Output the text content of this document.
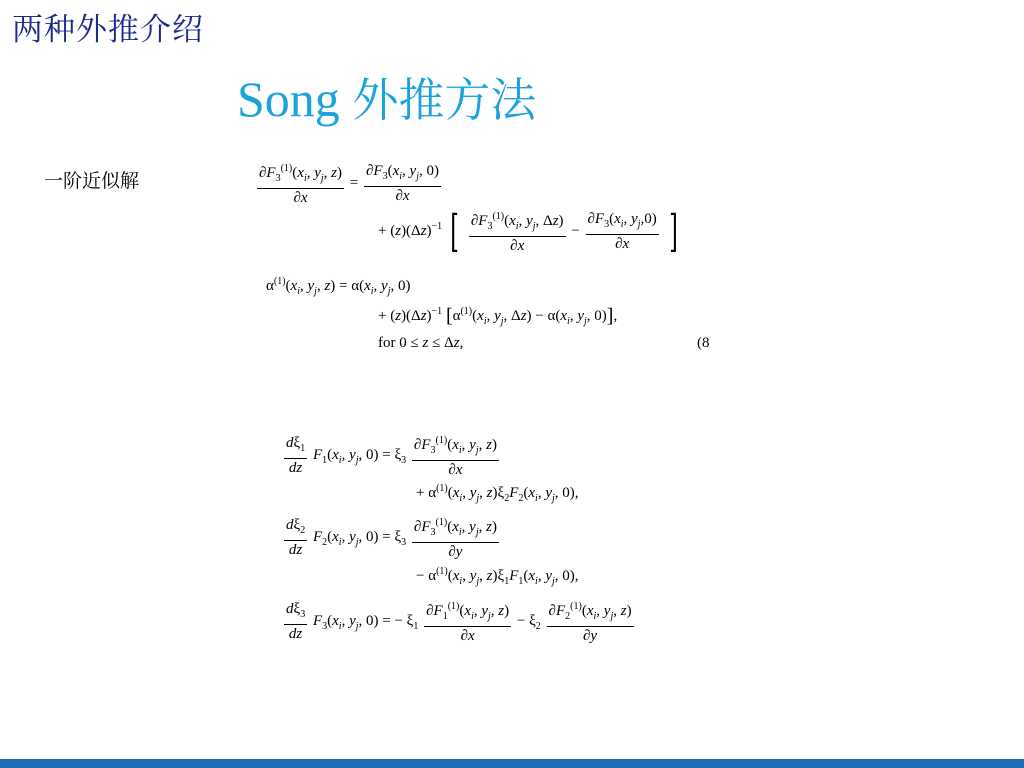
两种外推介绍
Song 外推方法
一阶近似解	$\frac{\partial F_3^{(1)}(x_i, y_j, z)}{\partial x} = \frac{\partial F_3(x_i, y_j, 0)}{\partial x}$
+ $(z)(\Delta z)^{-1}$ [ $\frac{\partial F_3^{(1)}(x_i, y_j, \Delta z)}{\partial x} - \frac{\partial F_3(x_i, y_j,0)}{\partial x}$ ]
$\alpha^{(1)}(x_i$, $y_j$, $z) = \alpha(x_i$, $y_j$, 0)
+ $(z)(\Delta z)^{-1}$ [$\alpha^{(1)}(x_i$, $y_j$, $\Delta z) - \alpha(x_i$, $y_j$, 0)],
for 0 ≤ z ≤ Δz,	(8
$\frac{d\xi_1}{dz} F_1(x_i$, $y_j$, $0) = \xi_3 \frac{\partial F_3^{(1)}(x_i, y_j, z)}{\partial x}$
+ $\alpha^{(1)}(x_i$, $y_j$, $z)\xi_2F_2(x_i$, $y_j$, 0),
$\frac{d\xi_2}{dz} F_2(x_i$, $y_j$, $0) = \xi_3 \frac{\partial F_3^{(1)}(x_i, y_j, z)}{\partial y}$
− $\alpha^{(1)}(x_i$, $y_j$, $z)\xi_1F_1(x_i$, $y_j$, 0),
$\frac{d\xi_3}{dz} F_3(x_i$, $y_j$, 0) = − $\xi_1 \frac{\partial F_1^{(1)}(x_i, y_j, z)}{\partial x} - \xi_2 \frac{\partial F_2^{(1)}(x_i, y_j, z)}{\partial y}$
